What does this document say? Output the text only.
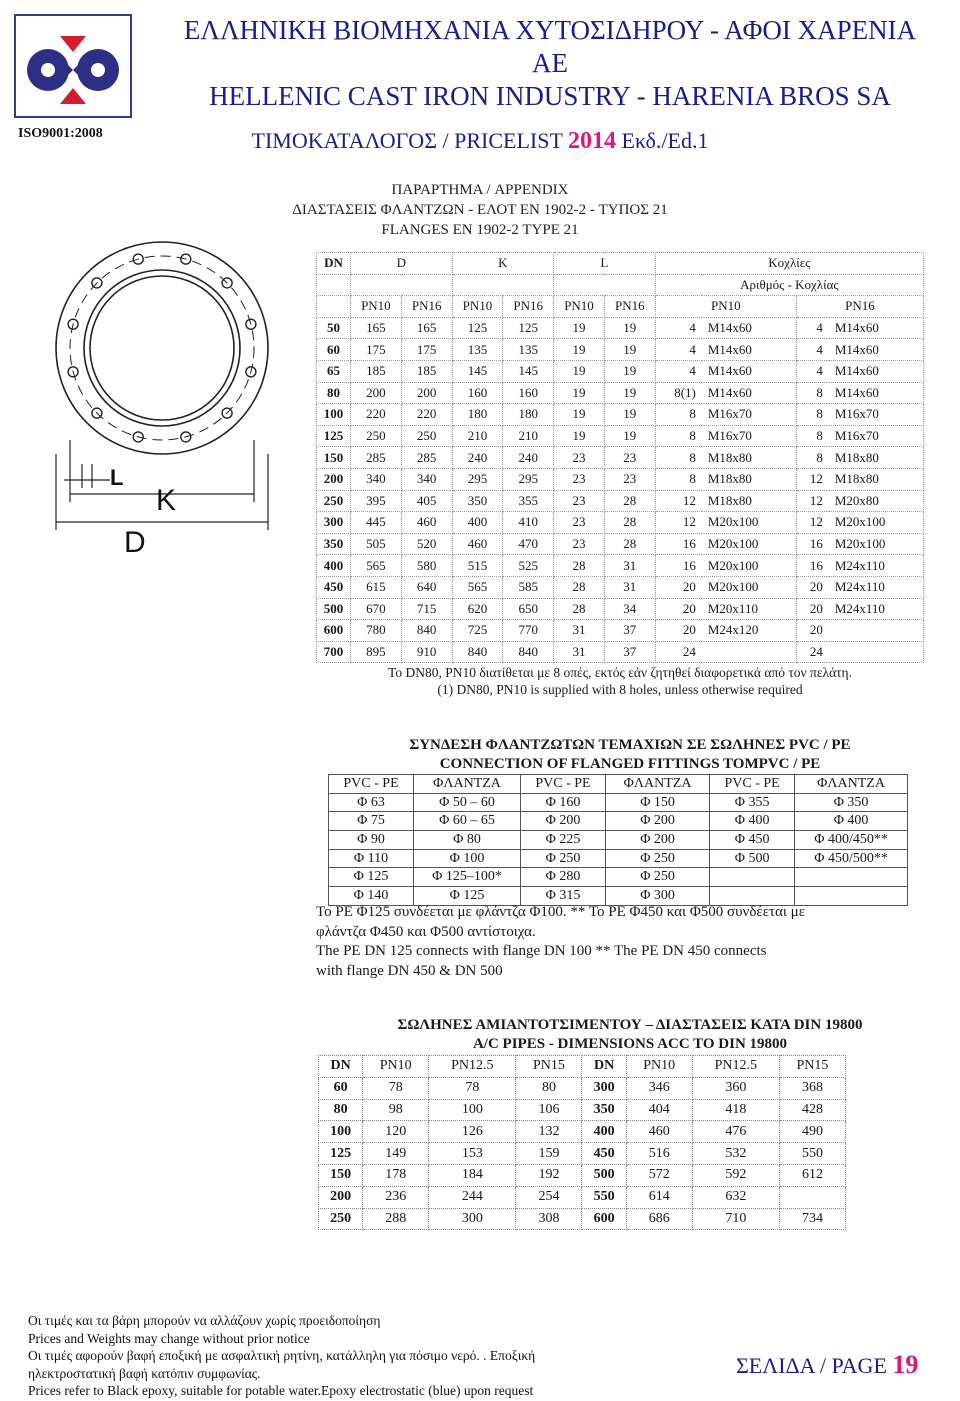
ISO9001:2008
ΕΛΛΗΝΙΚΗ ΒΙΟΜΗΧΑΝΙΑ ΧΥΤΟΣΙΔΗΡΟΥ - ΑΦΟΙ ΧΑΡΕΝΙΑ
ΑΕ
HELLENIC CAST IRON INDUSTRY - HARENIA BROS SA
ΤΙΜΟΚΑΤΑΛΟΓΟΣ / PRICELIST 2014 Εκδ./Ed.1
ΠΑΡΑΡΤΗΜΑ / APPENDIX
ΔΙΑΣΤΑΣΕΙΣ ΦΛΑΝΤΖΩΝ - ΕΛΟΤ EN 1902-2 - ΤΥΠΟΣ 21
FLANGES EN 1902-2 TYPE 21
L
K
D
DN	D		K		L		Κοχλίες			
							Αριθμός - Κοχλίας			
	PN10	PN16	PN10	PN16	PN10	PN16	PN10		PN16	
50	165	165	125	125	19	19	4	M14x60	4	M14x60
60	175	175	135	135	19	19	4	M14x60	4	M14x60
65	185	185	145	145	19	19	4	M14x60	4	M14x60
80	200	200	160	160	19	19	8(1)	M14x60	8	M14x60
100	220	220	180	180	19	19	8	M16x70	8	M16x70
125	250	250	210	210	19	19	8	M16x70	8	M16x70
150	285	285	240	240	23	23	8	M18x80	8	M18x80
200	340	340	295	295	23	23	8	M18x80	12	M18x80
250	395	405	350	355	23	28	12	M18x80	12	M20x80
300	445	460	400	410	23	28	12	M20x100	12	M20x100
350	505	520	460	470	23	28	16	M20x100	16	M20x100
400	565	580	515	525	28	31	16	M20x100	16	M24x110
450	615	640	565	585	28	31	20	M20x100	20	M24x110
500	670	715	620	650	28	34	20	M20x110	20	M24x110
600	780	840	725	770	31	37	20	M24x120	20	
700	895	910	840	840	31	37	24		24	
Το DN80, PN10 διατίθεται με 8 οπές, εκτός εάν ζητηθεί διαφορετικά από τον πελάτη.
(1) DN80, PN10 is supplied with 8 holes, unless otherwise required
ΣΥΝΔΕΣΗ ΦΛΑΝΤΖΩΤΩΝ ΤΕΜΑΧΙΩΝ ΣΕ ΣΩΛΗΝΕΣ PVC / PE
CONNECTION OF FLANGED FITTINGS TOMPVC / PE
PVC - PE	ΦΛΑΝΤΖΑ	PVC - PE	ΦΛΑΝΤΖΑ	PVC - PE	ΦΛΑΝΤΖΑ
Φ 63	Φ 50 – 60	Φ 160	Φ 150	Φ 355	Φ 350
Φ 75	Φ 60 – 65	Φ 200	Φ 200	Φ 400	Φ 400
Φ 90	Φ 80	Φ 225	Φ 200	Φ 450	Φ 400/450**
Φ 110	Φ 100	Φ 250	Φ 250	Φ 500	Φ 450/500**
Φ 125	Φ 125–100*	Φ 280	Φ 250		
Φ 140	Φ 125	Φ 315	Φ 300		
Το PE Φ125 συνδέεται με φλάντζα Φ100. ** Το PE Φ450 και Φ500 συνδέεται με
φλάντζα Φ450 και Φ500 αντίστοιχα.
The PE DN 125 connects with flange DN 100 ** The PE DN 450 connects
with flange DN 450 & DN 500
ΣΩΛΗΝΕΣ ΑΜΙΑΝΤΟΤΣΙΜΕΝΤΟΥ – ΔΙΑΣΤΑΣΕΙΣ ΚΑΤΑ DIN 19800
A/C PIPES - DIMENSIONS ACC TO DIN 19800
DN	PN10	PN12.5	PN15	DN	PN10	PN12.5	PN15
60	78	78	80	300	346	360	368
80	98	100	106	350	404	418	428
100	120	126	132	400	460	476	490
125	149	153	159	450	516	532	550
150	178	184	192	500	572	592	612
200	236	244	254	550	614	632	
250	288	300	308	600	686	710	734
Οι τιμές και τα βάρη μπορούν να αλλάζουν χωρίς προειδοποίηση
Prices and Weights may change without prior notice
Οι τιμές αφορούν βαφή εποξική με ασφαλτική ρητίνη, κατάλληλη για πόσιμο νερό. . Εποξική
ηλεκτροστατική βαφή κατόπιν συμφωνίας.
Prices refer to Black epoxy, suitable for potable water.Epoxy electrostatic (blue) upon request
ΣΕΛΙΔΑ / PAGE 19
